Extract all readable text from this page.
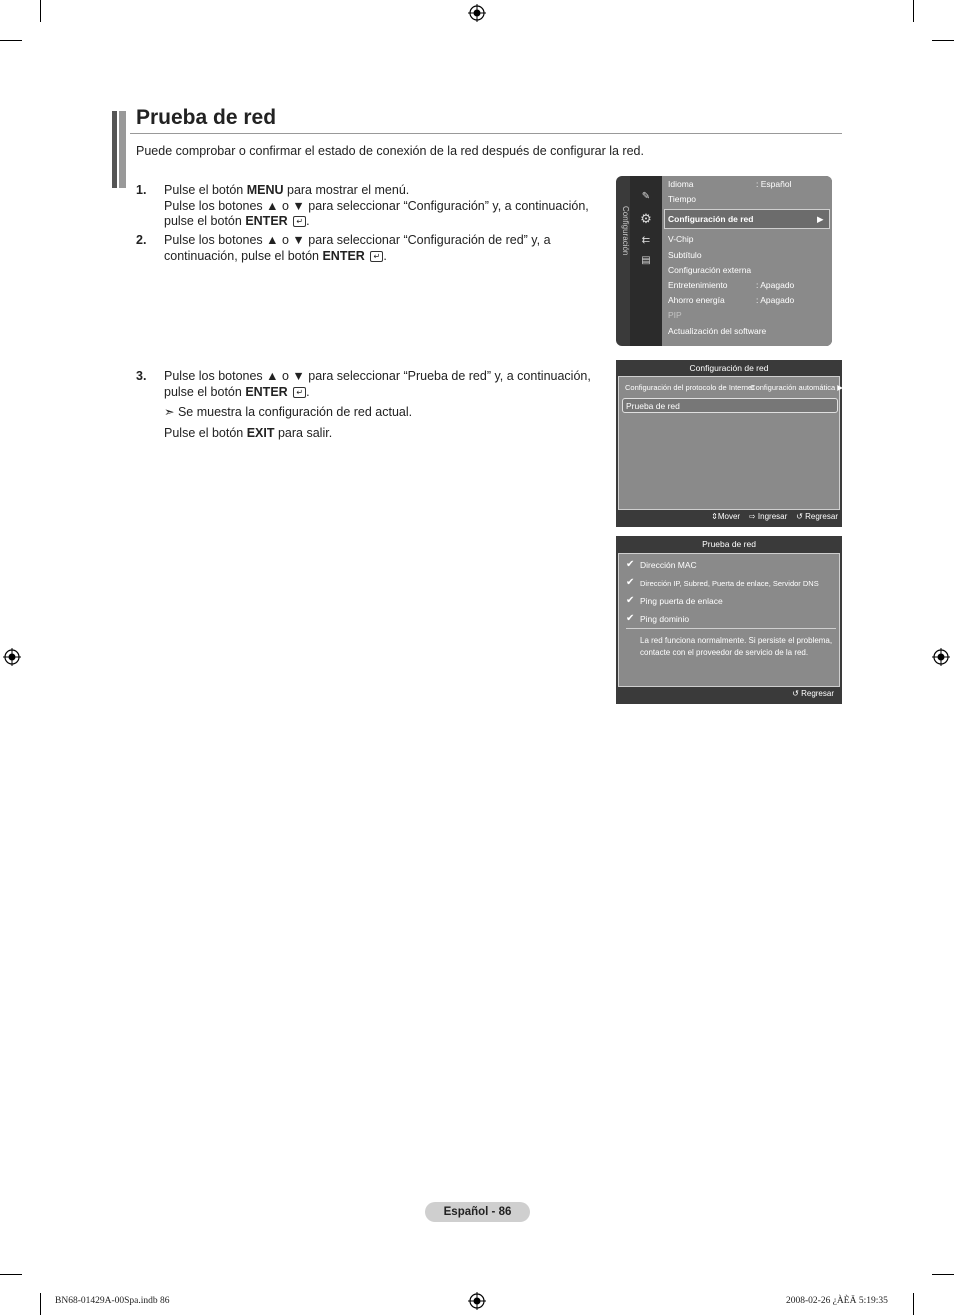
Prueba de red
Puede comprobar o confirmar el estado de conexión de la red después de configurar la red.
1. Pulse el botón MENU para mostrar el menú.

Pulse los botones ▲ o ▼ para seleccionar “Configuración” y, a continuación,

pulse el botón ENTER ↵ .

2. Pulse los botones ▲ o ▼ para seleccionar “Configuración de red” y, a

continuación, pulse el botón ENTER ↵ .

3. Pulse los botones ▲ o ▼ para seleccionar “Prueba de red” y, a continuación,

pulse el botón ENTER ↵ .

➣ Se muestra la configuración de red actual.

Pulse el botón EXIT para salir.

Configuración
✎
⚙
⇇
▤
Idioma	: Español
Tiempo
Configuración de red	▶
V-Chip
Subtítulo
Configuración externa
Entretenimiento	: Apagado
Ahorro energía	: Apagado
PIP
Actualización del software
Configuración de red
Configuración del protocolo de Internet
: Configuración automática ▶
Prueba de red
⇕Mover ⇨ Ingresar ↺ Regresar
Prueba de red
✔ Dirección MAC
✔ Dirección IP, Subred, Puerta de enlace, Servidor DNS
✔ Ping puerta de enlace
✔ Ping dominio
La red funciona normalmente. Si persiste el problema, contacte con el proveedor de servicio de la red.
↺ Regresar
Español - 86
BN68-01429A-00Spa.indb 86	2008-02-26 ¿ÀÈÄ 5:19:35
